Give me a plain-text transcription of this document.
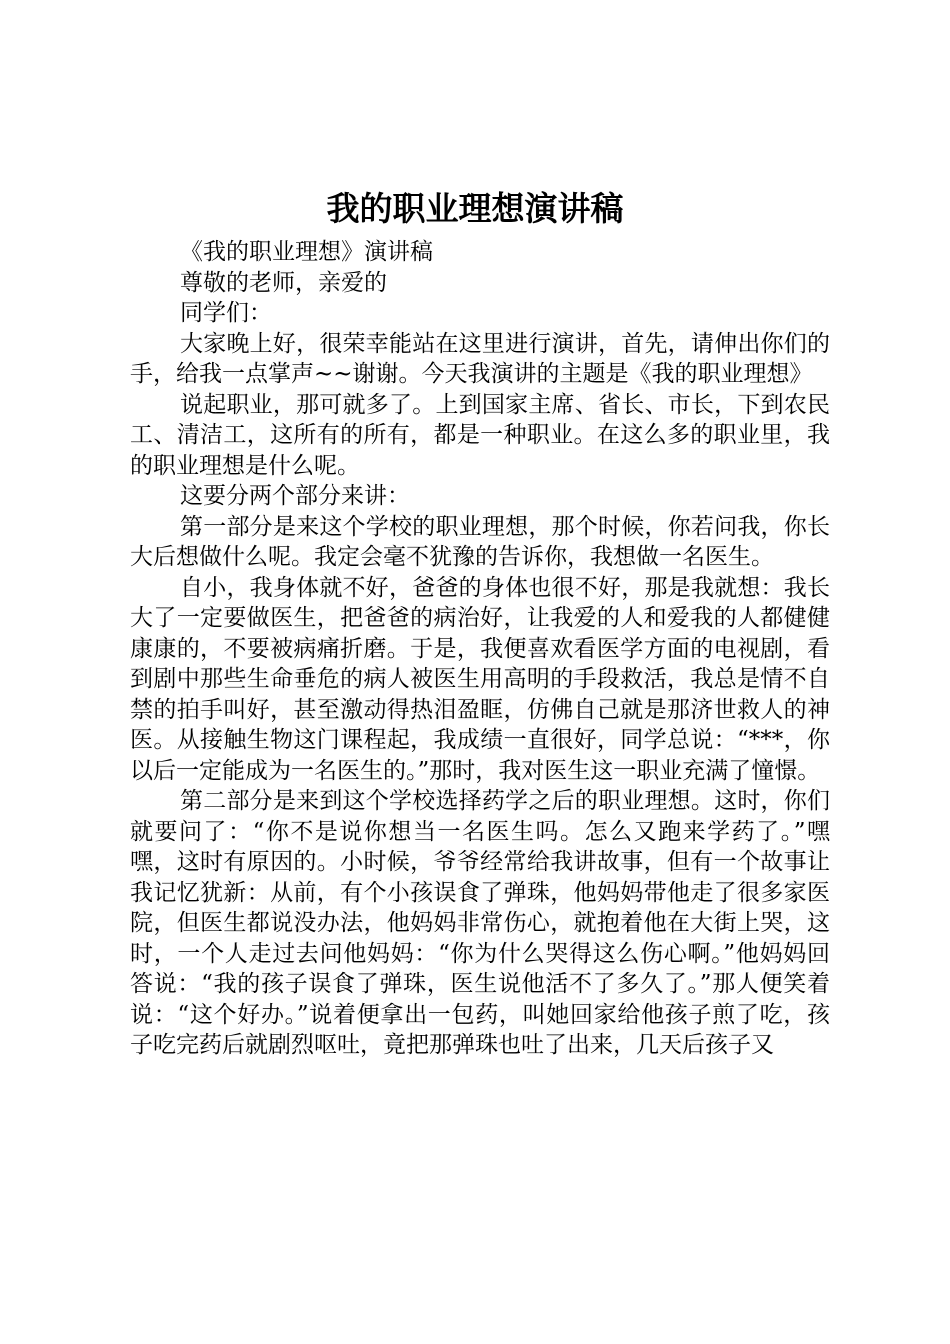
我的职业理想演讲稿

《我的职业理想》演讲稿

尊敬的老师，亲爱的

同学们：

大家晚上好，很荣幸能站在这里进行演讲，首先，请伸出你们的手，给我一点掌声~~谢谢。今天我演讲的主题是《我的职业理想》

说起职业，那可就多了。上到国家主席、省长、市长，下到农民工、清洁工，这所有的所有，都是一种职业。在这么多的职业里，我的职业理想是什么呢。

这要分两个部分来讲：

第一部分是来这个学校的职业理想，那个时候，你若问我，你长大后想做什么呢。我定会毫不犹豫的告诉你，我想做一名医生。

自小，我身体就不好，爸爸的身体也很不好，那是我就想：我长大了一定要做医生，把爸爸的病治好，让我爱的人和爱我的人都健健康康的，不要被病痛折磨。于是，我便喜欢看医学方面的电视剧，看到剧中那些生命垂危的病人被医生用高明的手段救活，我总是情不自禁的拍手叫好，甚至激动得热泪盈眶，仿佛自己就是那济世救人的神医。从接触生物这门课程起，我成绩一直很好，同学总说：“***，你以后一定能成为一名医生的。”那时，我对医生这一职业充满了憧憬。

第二部分是来到这个学校选择药学之后的职业理想。这时，你们就要问了：“你不是说你想当一名医生吗。怎么又跑来学药了。”嘿嘿，这时有原因的。小时候，爷爷经常给我讲故事，但有一个故事让我记忆犹新：从前，有个小孩误食了弹珠，他妈妈带他走了很多家医院，但医生都说没办法，他妈妈非常伤心，就抱着他在大街上哭，这时，一个人走过去问他妈妈：“你为什么哭得这么伤心啊。”他妈妈回答说：“我的孩子误食了弹珠，医生说他活不了多久了。”那人便笑着说：“这个好办。”说着便拿出一包药，叫她回家给他孩子煎了吃，孩子吃完药后就剧烈呕吐，竟把那弹珠也吐了出来，几天后孩子又
